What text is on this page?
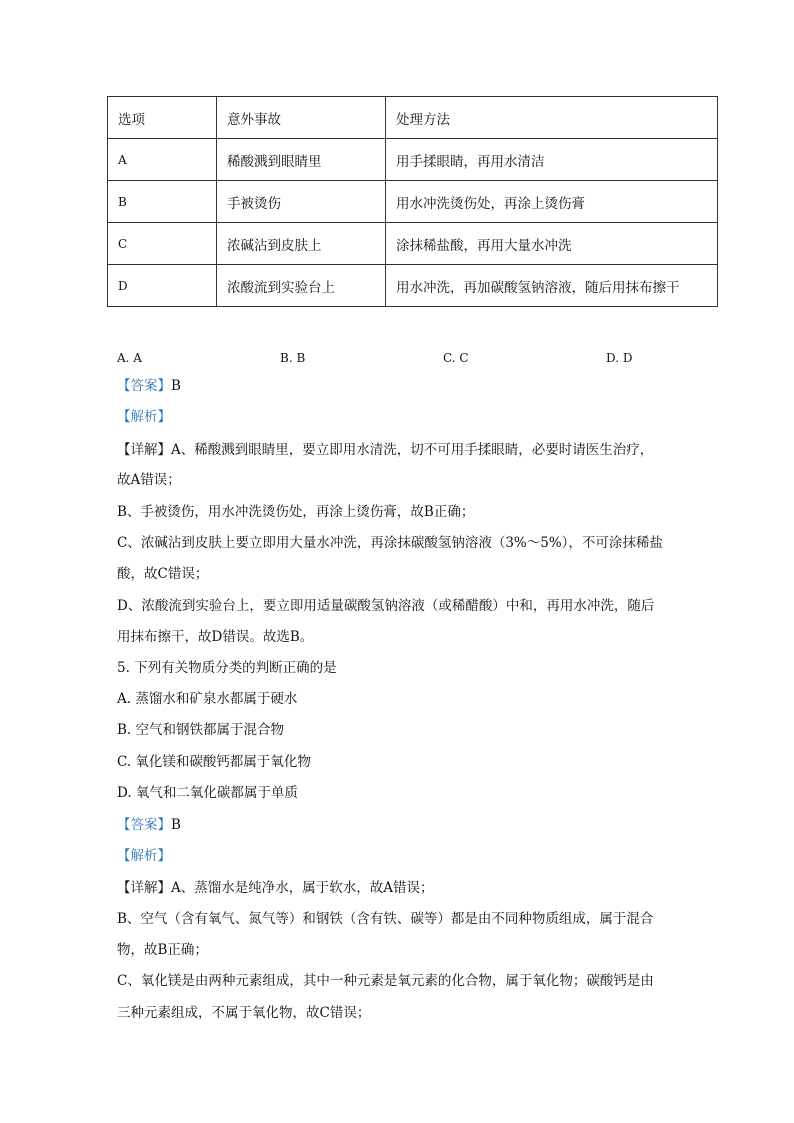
选项	意外事故	处理方法
A	稀酸溅到眼睛里	用手揉眼睛，再用水清洁
B	手被烫伤	用水冲洗烫伤处，再涂上烫伤膏
C	浓碱沾到皮肤上	涂抹稀盐酸，再用大量水冲洗
D	浓酸流到实验台上	用水冲洗，再加碳酸氢钠溶液，随后用抹布擦干
A. A	B. B	C. C	D. D
【答案】B
【解析】
【详解】A、稀酸溅到眼睛里，要立即用水清洗，切不可用手揉眼睛，必要时请医生治疗，
故A错误；
B、手被烫伤，用水冲洗烫伤处，再涂上烫伤膏，故B正确；
C、浓碱沾到皮肤上要立即用大量水冲洗，再涂抹碳酸氢钠溶液（3%～5%），不可涂抹稀盐
酸，故C错误；
D、浓酸流到实验台上，要立即用适量碳酸氢钠溶液（或稀醋酸）中和，再用水冲洗，随后
用抹布擦干，故D错误。故选B。
5. 下列有关物质分类的判断正确的是
A. 蒸馏水和矿泉水都属于硬水
B. 空气和钢铁都属于混合物
C. 氧化镁和碳酸钙都属于氧化物
D. 氧气和二氧化碳都属于单质
【答案】B
【解析】
【详解】A、蒸馏水是纯净水，属于软水，故A错误；
B、空气（含有氧气、氮气等）和钢铁（含有铁、碳等）都是由不同种物质组成，属于混合
物，故B正确；
C、氧化镁是由两种元素组成，其中一种元素是氧元素的化合物，属于氧化物；碳酸钙是由
三种元素组成，不属于氧化物，故C错误；
